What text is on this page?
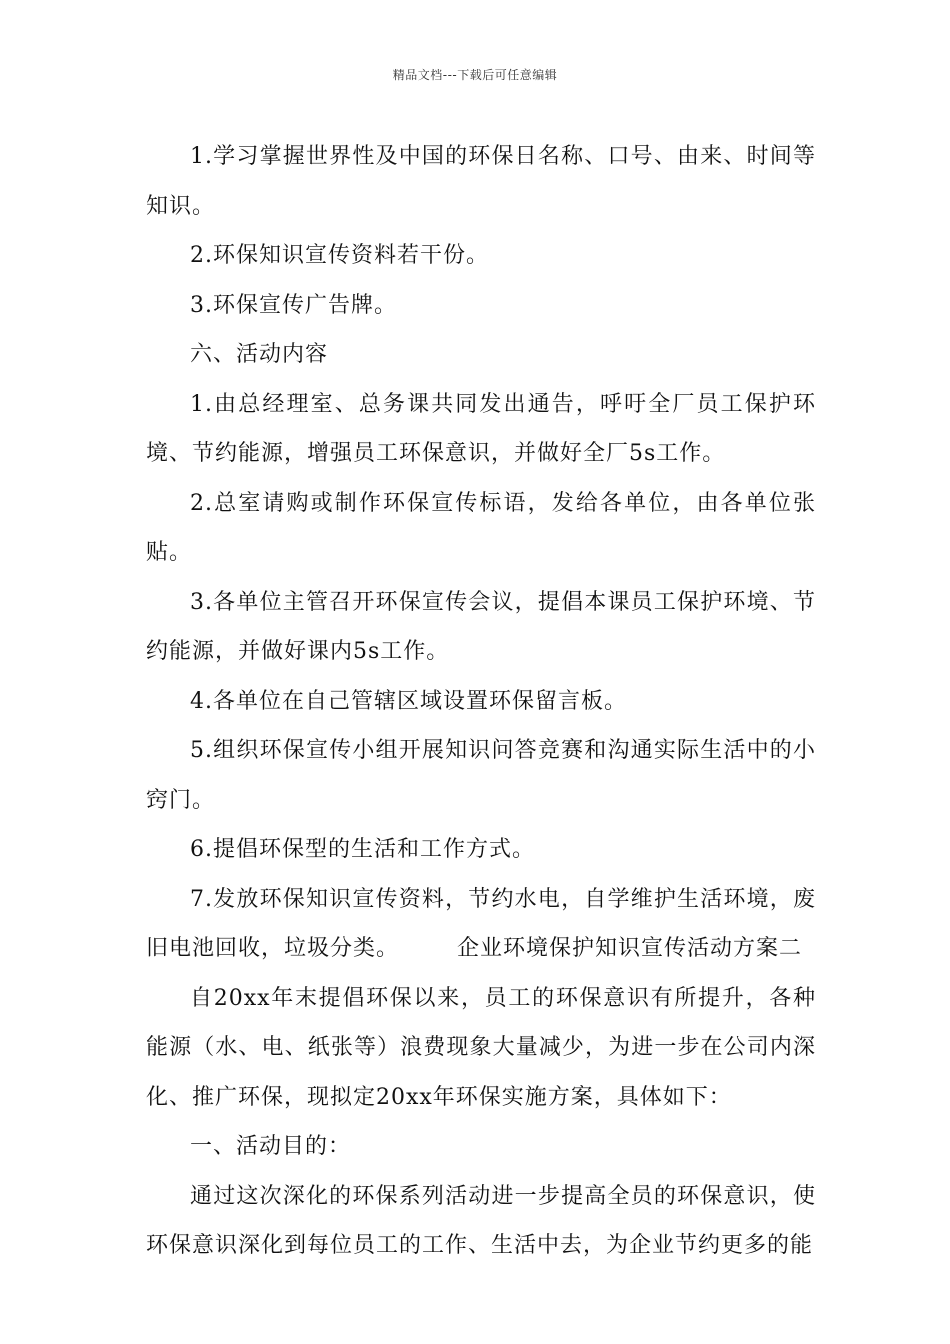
精品文档---下载后可任意编辑

1.学习掌握世界性及中国的环保日名称、口号、由来、时间等知识。

2.环保知识宣传资料若干份。

3.环保宣传广告牌。

六、活动内容

1.由总经理室、总务课共同发出通告，呼吁全厂员工保护环境、节约能源，增强员工环保意识，并做好全厂5s工作。

2.总室请购或制作环保宣传标语，发给各单位，由各单位张贴。

3.各单位主管召开环保宣传会议，提倡本课员工保护环境、节约能源，并做好课内5s工作。

4.各单位在自己管辖区域设置环保留言板。

5.组织环保宣传小组开展知识问答竞赛和沟通实际生活中的小窍门。

6.提倡环保型的生活和工作方式。

7.发放环保知识宣传资料，节约水电，自学维护生活环境，废旧电池回收，垃圾分类。　　　企业环境保护知识宣传活动方案二

自20xx年末提倡环保以来，员工的环保意识有所提升，各种能源（水、电、纸张等）浪费现象大量减少，为进一步在公司内深化、推广环保，现拟定20xx年环保实施方案，具体如下：

一、活动目的：

通过这次深化的环保系列活动进一步提高全员的环保意识，使环保意识深化到每位员工的工作、生活中去，为企业节约更多的能
